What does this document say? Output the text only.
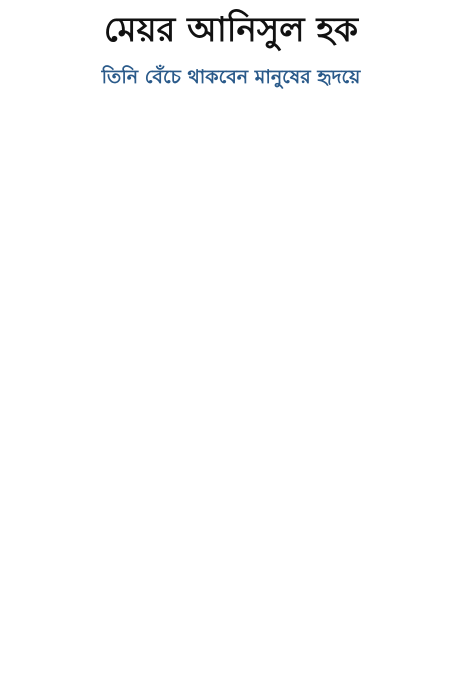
মেয়র আনিসুল হক
তিনি বেঁচে থাকবেন মানুষের হৃদয়ে
